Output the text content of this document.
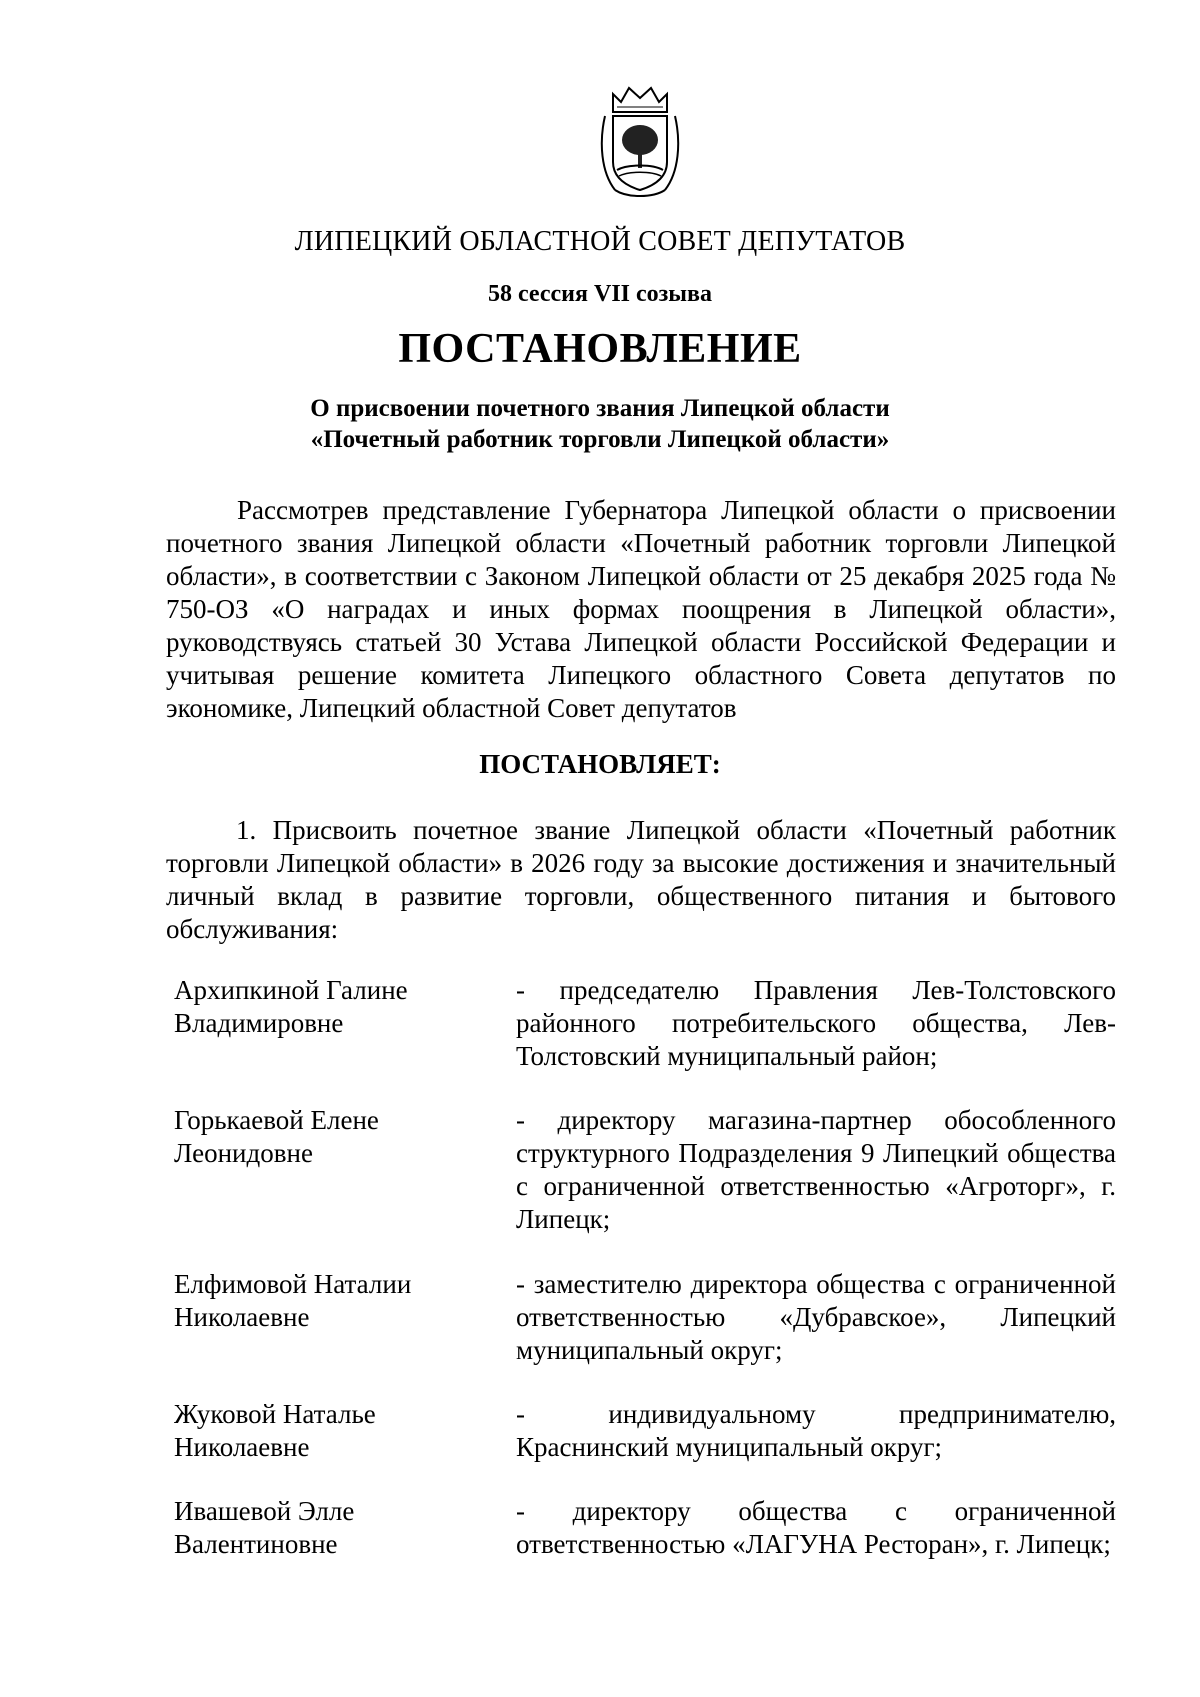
ЛИПЕЦКИЙ ОБЛАСТНОЙ СОВЕТ ДЕПУТАТОВ
58 сессия VII созыва
ПОСТАНОВЛЕНИЕ
О присвоении почетного звания Липецкой области
«Почетный работник торговли Липецкой области»
Рассмотрев представление Губернатора Липецкой области о присвоении почетного звания Липецкой области «Почетный работник торговли Липецкой области», в соответствии с Законом Липецкой области от 25 декабря 2025 года № 750-ОЗ «О наградах и иных формах поощрения в Липецкой области», руководствуясь статьей 30 Устава Липецкой области Российской Федерации и учитывая решение комитета Липецкого областного Совета депутатов по экономике, Липецкий областной Совет депутатов
ПОСТАНОВЛЯЕТ:
1. Присвоить почетное звание Липецкой области «Почетный работник торговли Липецкой области» в 2026 году за высокие достижения и значительный личный вклад в развитие торговли, общественного питания и бытового обслуживания:
Архипкиной Галине
Владимировне
- председателю Правления Лев-Толстовского районного потребительского общества, Лев-Толстовский муниципальный район;
Горькаевой Елене
Леонидовне
- директору магазина-партнер обособленного структурного Подразделения 9 Липецкий общества с ограниченной ответственностью «Агроторг», г. Липецк;
Елфимовой Наталии
Николаевне
- заместителю директора общества с ограниченной ответственностью «Дубравское», Липецкий муниципальный округ;
Жуковой Наталье
Николаевне
- индивидуальному предпринимателю, Краснинский муниципальный округ;
Ивашевой Элле
Валентиновне
- директору общества с ограниченной ответственностью «ЛАГУНА Ресторан», г. Липецк;
